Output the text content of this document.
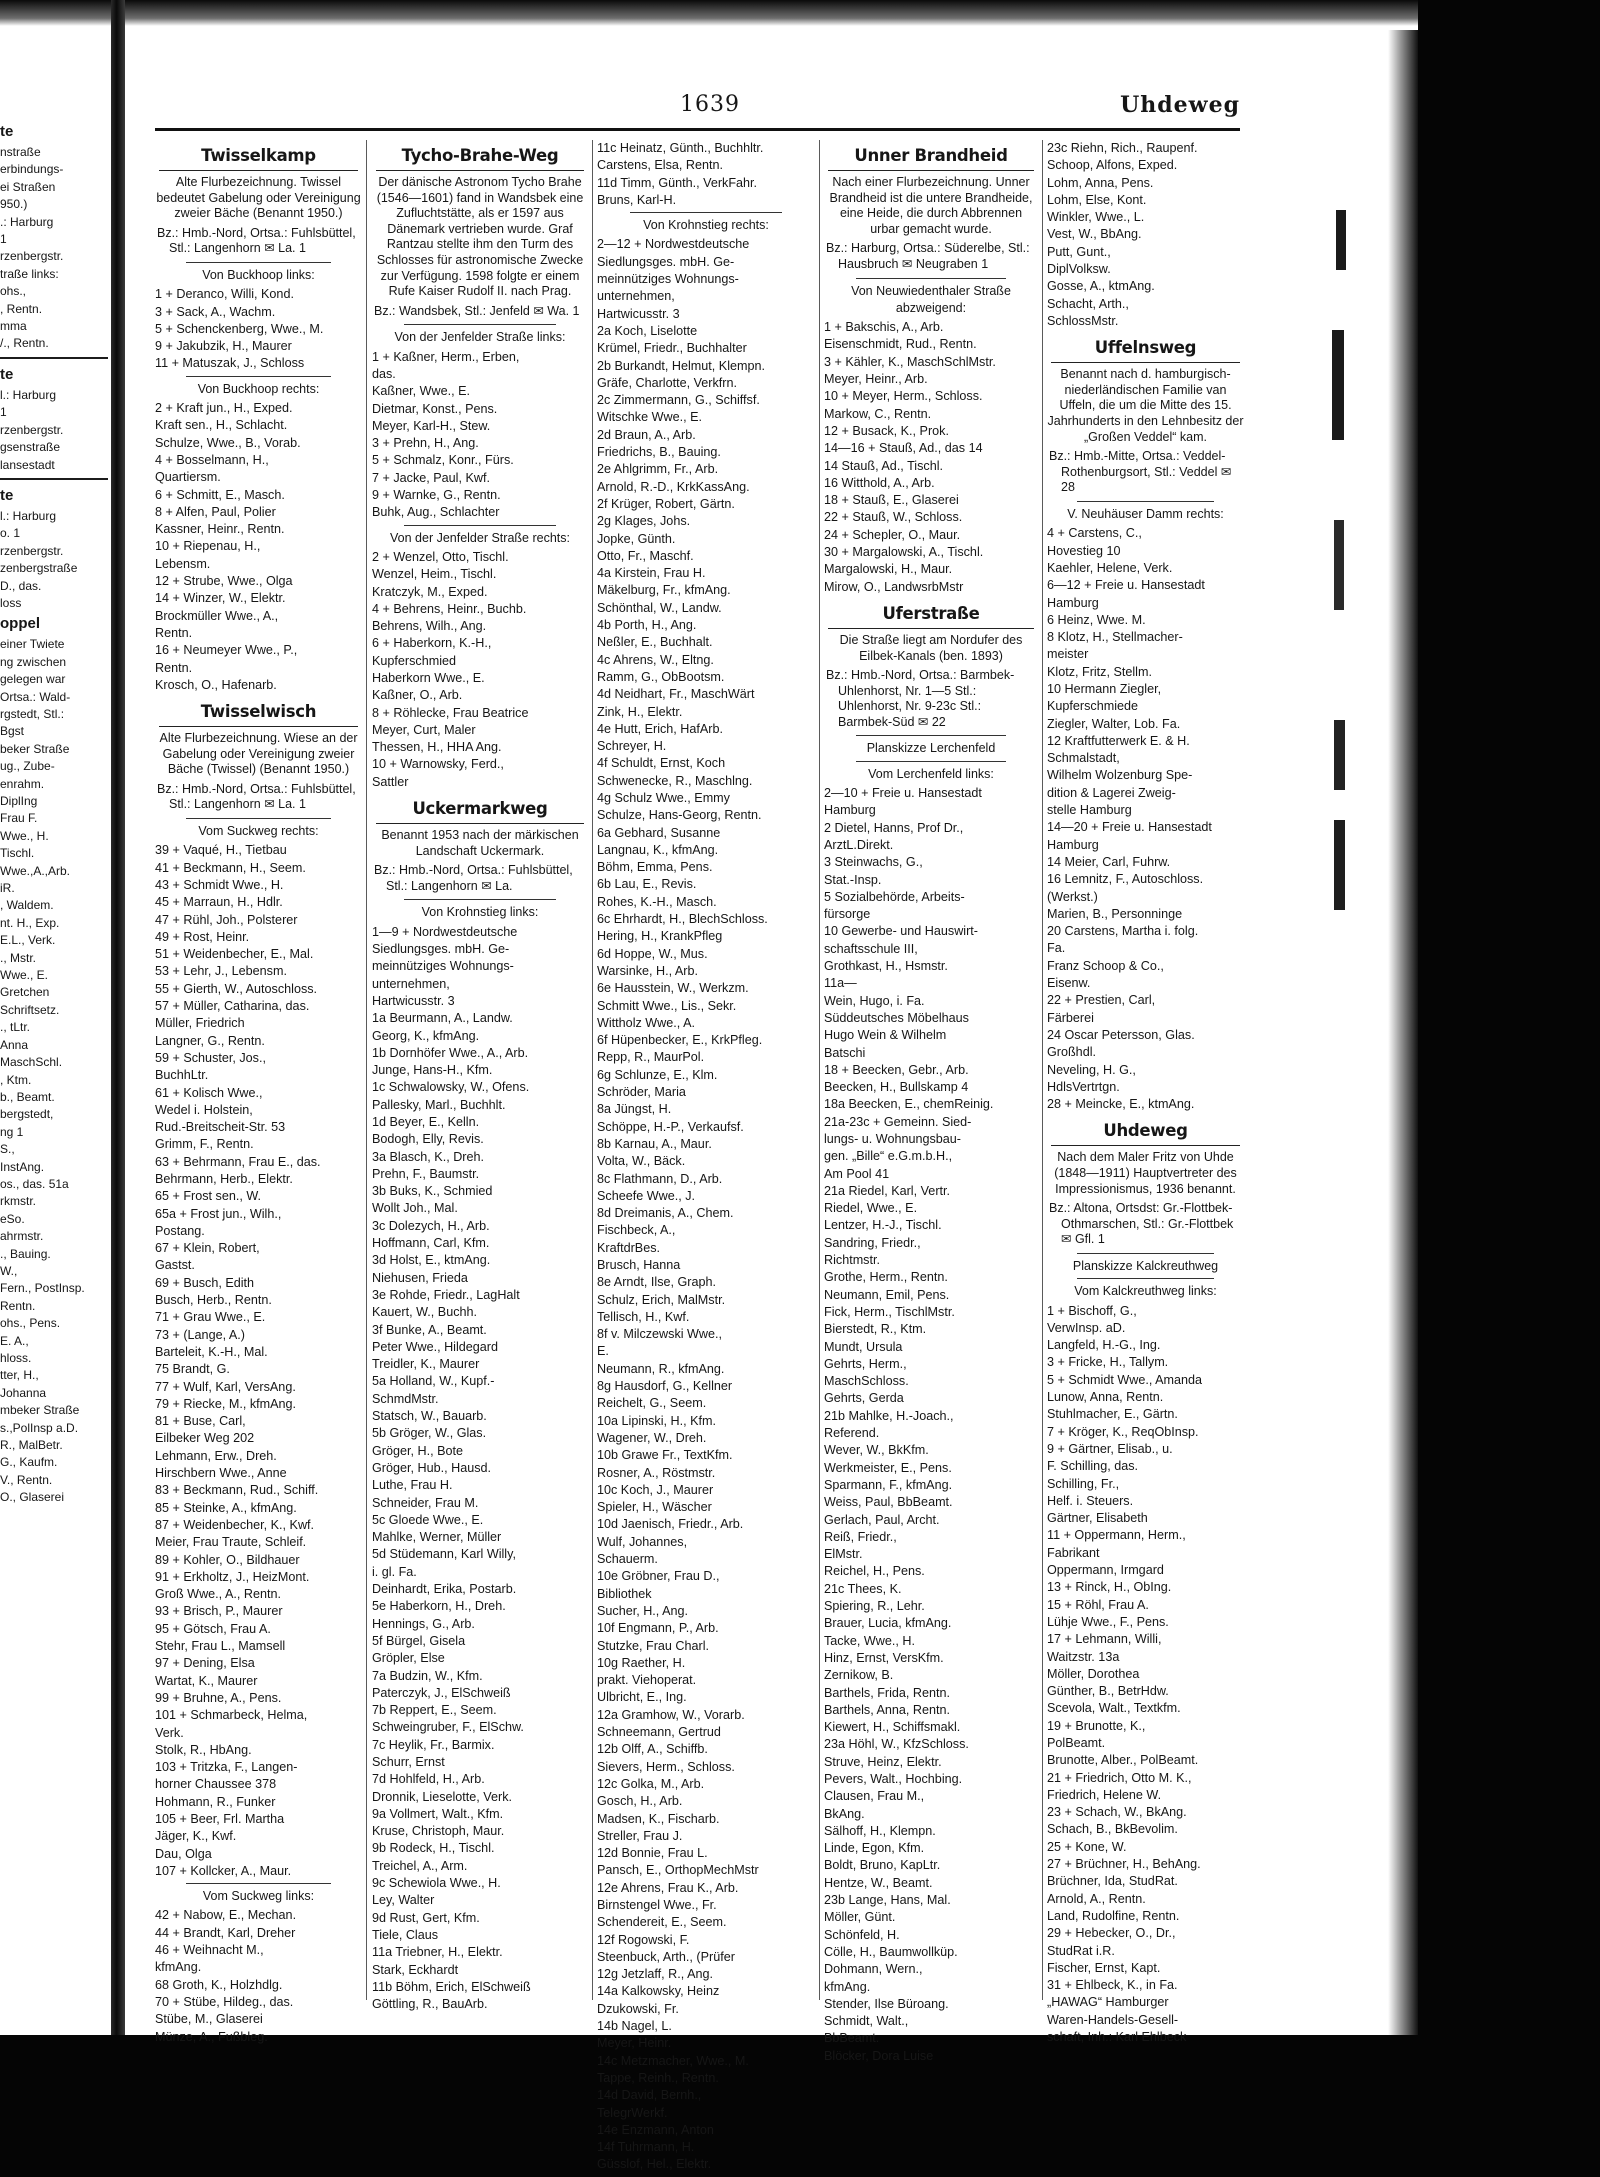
te
nstraße
erbindungs-
ei Straßen
950.)
.: Harburg
1
rzenbergstr.
traße links:
ohs.,
, Rentn.
mma
/., Rentn.
te
l.: Harburg
1
rzenbergstr.
gsenstraße
lansestadt
te
l.: Harburg
o. 1
rzenbergstr.
zenbergstraße
D., das.
loss
oppel
einer Twiete
ng zwischen
gelegen war
Ortsa.: Wald-
rgstedt, Stl.:
Bgst
beker Straße
ug., Zube-
enrahm.
DiplIng
Frau F.
Wwe., H.
Tischl.
Wwe.,A.,Arb.
iR.
, Waldem.
nt. H., Exp.
E.L., Verk.
., Mstr.
Wwe., E.
Gretchen
Schriftsetz.
., tLtr.
Anna
MaschSchl.
, Ktm.
b., Beamt.
bergstedt,
ng 1
S.,
InstAng.
os., das. 51a
rkmstr.
eSo.
ahrmstr.
., Bauing.
W.,
Fern., PostInsp.
Rentn.
ohs., Pens.
E. A.,
hloss.
tter, H.,
Johanna
mbeker Straße
s.,PolInsp a.D.
R., MalBetr.
G., Kaufm.
V., Rentn.
O., Glaserei
1639	Uhdeweg
Twisselkamp
Alte Flurbezeichnung. Twissel bedeutet Gabelung oder Vereinigung zweier Bäche (Benannt 1950.)
Bz.: Hmb.-Nord, Ortsa.: Fuhlsbüttel, Stl.: Langenhorn ✉ La. 1
Von Buckhoop links:
1 + Deranco, Willi, Kond.
3 + Sack, A., Wachm.
5 + Schenckenberg, Wwe., M.
9 + Jakubzik, H., Maurer
11 + Matuszak, J., Schloss
Von Buckhoop rechts:
2 + Kraft jun., H., Exped.
Kraft sen., H., Schlacht.
Schulze, Wwe., B., Vorab.
4 + Bosselmann, H.,
Quartiersm.
6 + Schmitt, E., Masch.
8 + Alfen, Paul, Polier
Kassner, Heinr., Rentn.
10 + Riepenau, H.,
Lebensm.
12 + Strube, Wwe., Olga
14 + Winzer, W., Elektr.
Brockmüller Wwe., A.,
Rentn.
16 + Neumeyer Wwe., P.,
Rentn.
Krosch, O., Hafenarb.
Twisselwisch
Alte Flurbezeichnung. Wiese an der Gabelung oder Vereinigung zweier Bäche (Twissel) (Benannt 1950.)
Bz.: Hmb.-Nord, Ortsa.: Fuhlsbüttel, Stl.: Langenhorn ✉ La. 1
Vom Suckweg rechts:
39 + Vaqué, H., Tietbau
41 + Beckmann, H., Seem.
43 + Schmidt Wwe., H.
45 + Marraun, H., Hdlr.
47 + Rühl, Joh., Polsterer
49 + Rost, Heinr.
51 + Weidenbecher, E., Mal.
53 + Lehr, J., Lebensm.
55 + Gierth, W., Autoschloss.
57 + Müller, Catharina, das.
Müller, Friedrich
Langner, G., Rentn.
59 + Schuster, Jos.,
BuchhLtr.
61 + Kolisch Wwe.,
Wedel i. Holstein,
Rud.-Breitscheit-Str. 53
Grimm, F., Rentn.
63 + Behrmann, Frau E., das.
Behrmann, Herb., Elektr.
65 + Frost sen., W.
65a + Frost jun., Wilh.,
Postang.
67 + Klein, Robert,
Gastst.
69 + Busch, Edith
Busch, Herb., Rentn.
71 + Grau Wwe., E.
73 + (Lange, A.)
Barteleit, K.-H., Mal.
75 Brandt, G.
77 + Wulf, Karl, VersAng.
79 + Riecke, M., kfmAng.
81 + Buse, Carl,
Eilbeker Weg 202
Lehmann, Erw., Dreh.
Hirschbern Wwe., Anne
83 + Beckmann, Rud., Schiff.
85 + Steinke, A., kfmAng.
87 + Weidenbecher, K., Kwf.
Meier, Frau Traute, Schleif.
89 + Kohler, O., Bildhauer
91 + Erkholtz, J., HeizMont.
Groß Wwe., A., Rentn.
93 + Brisch, P., Maurer
95 + Götsch, Frau A.
Stehr, Frau L., Mamsell
97 + Dening, Elsa
Wartat, K., Maurer
99 + Bruhne, A., Pens.
101 + Schmarbeck, Helma,
Verk.
Stolk, R., HbAng.
103 + Tritzka, F., Langen-
horner Chaussee 378
Hohmann, R., Funker
105 + Beer, Frl. Martha
Jäger, K., Kwf.
Dau, Olga
107 + Kollcker, A., Maur.
Vom Suckweg links:
42 + Nabow, E., Mechan.
44 + Brandt, Karl, Dreher
46 + Weihnacht M.,
kfmAng.
68 Groth, K., Holzhdlg.
70 + Stübe, Hildeg., das.
Stübe, M., Glaserei
Münze, A., Fußbleg.
Tycho-Brahe-Weg
Der dänische Astronom Tycho Brahe (1546—1601) fand in Wandsbek eine Zufluchtstätte, als er 1597 aus Dänemark vertrieben wurde. Graf Rantzau stellte ihm den Turm des Schlosses für astronomische Zwecke zur Verfügung. 1598 folgte er einem Rufe Kaiser Rudolf II. nach Prag.
Bz.: Wandsbek, Stl.: Jenfeld ✉ Wa. 1
Von der Jenfelder Straße links:
1 + Kaßner, Herm., Erben,
das.
Kaßner, Wwe., E.
Dietmar, Konst., Pens.
Meyer, Karl-H., Stew.
3 + Prehn, H., Ang.
5 + Schmalz, Konr., Fürs.
7 + Jacke, Paul, Kwf.
9 + Warnke, G., Rentn.
Buhk, Aug., Schlachter
Von der Jenfelder Straße rechts:
2 + Wenzel, Otto, Tischl.
Wenzel, Heim., Tischl.
Kratczyk, M., Exped.
4 + Behrens, Heinr., Buchb.
Behrens, Wilh., Ang.
6 + Haberkorn, K.-H.,
Kupferschmied
Haberkorn Wwe., E.
Kaßner, O., Arb.
8 + Röhlecke, Frau Beatrice
Meyer, Curt, Maler
Thessen, H., HHA Ang.
10 + Warnowsky, Ferd.,
Sattler
Uckermarkweg
Benannt 1953 nach der märkischen Landschaft Uckermark.
Bz.: Hmb.-Nord, Ortsa.: Fuhlsbüttel, Stl.: Langenhorn ✉ La.
Von Krohnstieg links:
1—9 + Nordwestdeutsche
Siedlungsges. mbH. Ge-
meinnütziges Wohnungs-
unternehmen,
Hartwicusstr. 3
1a Beurmann, A., Landw.
Georg, K., kfmAng.
1b Dornhöfer Wwe., A., Arb.
Junge, Hans-H., Kfm.
1c Schwalowsky, W., Ofens.
Pallesky, Marl., Buchhlt.
1d Beyer, E., Kelln.
Bodogh, Elly, Revis.
3a Blasch, K., Dreh.
Prehn, F., Baumstr.
3b Buks, K., Schmied
Wollt Joh., Mal.
3c Dolezych, H., Arb.
Hoffmann, Carl, Kfm.
3d Holst, E., ktmAng.
Niehusen, Frieda
3e Rohde, Friedr., LagHalt
Kauert, W., Buchh.
3f Bunke, A., Beamt.
Peter Wwe., Hildegard
Treidler, K., Maurer
5a Holland, W., Kupf.-
SchmdMstr.
Statsch, W., Bauarb.
5b Gröger, W., Glas.
Gröger, H., Bote
Gröger, Hub., Hausd.
Luthe, Frau H.
Schneider, Frau M.
5c Gloede Wwe., E.
Mahlke, Werner, Müller
5d Stüdemann, Karl Willy,
i. gl. Fa.
Deinhardt, Erika, Postarb.
5e Haberkorn, H., Dreh.
Hennings, G., Arb.
5f Bürgel, Gisela
Gröpler, Else
7a Budzin, W., Kfm.
Paterczyk, J., ElSchweiß
7b Reppert, E., Seem.
Schweingruber, F., ElSchw.
7c Heylik, Fr., Barmix.
Schurr, Ernst
7d Hohlfeld, H., Arb.
Dronnik, Lieselotte, Verk.
9a Vollmert, Walt., Kfm.
Kruse, Christoph, Maur.
9b Rodeck, H., Tischl.
Treichel, A., Arm.
9c Schewiola Wwe., H.
Ley, Walter
9d Rust, Gert, Kfm.
Tiele, Claus
11a Triebner, H., Elektr.
Stark, Eckhardt
11b Böhm, Erich, ElSchweiß
Göttling, R., BauArb.
11c Heinatz, Günth., Buchhltr.
Carstens, Elsa, Rentn.
11d Timm, Günth., VerkFahr.
Bruns, Karl-H.
Von Krohnstieg rechts:
2—12 + Nordwestdeutsche
Siedlungsges. mbH. Ge-
meinnütziges Wohnungs-
unternehmen,
Hartwicusstr. 3
2a Koch, Liselotte
Krümel, Friedr., Buchhalter
2b Burkandt, Helmut, Klempn.
Gräfe, Charlotte, Verkfrn.
2c Zimmermann, G., Schiffsf.
Witschke Wwe., E.
2d Braun, A., Arb.
Friedrichs, B., Bauing.
2e Ahlgrimm, Fr., Arb.
Arnold, R.-D., KrkKassAng.
2f Krüger, Robert, Gärtn.
2g Klages, Johs.
Jopke, Günth.
Otto, Fr., Maschf.
4a Kirstein, Frau H.
Mäkelburg, Fr., kfmAng.
Schönthal, W., Landw.
4b Porth, H., Ang.
Neßler, E., Buchhalt.
4c Ahrens, W., Eltng.
Ramm, G., ObBootsm.
4d Neidhart, Fr., MaschWärt
Zink, H., Elektr.
4e Hutt, Erich, HafArb.
Schreyer, H.
4f Schuldt, Ernst, Koch
Schwenecke, R., Maschlng.
4g Schulz Wwe., Emmy
Schulze, Hans-Georg, Rentn.
6a Gebhard, Susanne
Langnau, K., kfmAng.
Böhm, Emma, Pens.
6b Lau, E., Revis.
Rohes, K.-H., Masch.
6c Ehrhardt, H., BlechSchloss.
Hering, H., KrankPfleg
6d Hoppe, W., Mus.
Warsinke, H., Arb.
6e Hausstein, W., Werkzm.
Schmitt Wwe., Lis., Sekr.
Wittholz Wwe., A.
6f Hüpenbecker, E., KrkPfleg.
Repp, R., MaurPol.
6g Schlunze, E., Klm.
Schröder, Maria
8a Jüngst, H.
Schöppe, H.-P., Verkaufsf.
8b Karnau, A., Maur.
Volta, W., Bäck.
8c Flathmann, D., Arb.
Scheefe Wwe., J.
8d Dreimanis, A., Chem.
Fischbeck, A.,
KraftdrBes.
Brusch, Hanna
8e Arndt, Ilse, Graph.
Schulz, Erich, MalMstr.
Tellisch, H., Kwf.
8f v. Milczewski Wwe.,
E.
Neumann, R., kfmAng.
8g Hausdorf, G., Kellner
Reichelt, G., Seem.
10a Lipinski, H., Kfm.
Wagener, W., Dreh.
10b Grawe Fr., TextKfm.
Rosner, A., Röstmstr.
10c Koch, J., Maurer
Spieler, H., Wäscher
10d Jaenisch, Friedr., Arb.
Wulf, Johannes,
Schauerm.
10e Gröbner, Frau D.,
Bibliothek
Sucher, H., Ang.
10f Engmann, P., Arb.
Stutzke, Frau Charl.
10g Raether, H.
prakt. Viehoperat.
Ulbricht, E., Ing.
12a Gramhow, W., Vorarb.
Schneemann, Gertrud
12b Olff, A., Schiffb.
Sievers, Herm., Schloss.
12c Golka, M., Arb.
Gosch, H., Arb.
Madsen, K., Fischarb.
Streller, Frau J.
12d Bonnie, Frau L.
Pansch, E., OrthopMechMstr
12e Ahrens, Frau K., Arb.
Birnstengel Wwe., Fr.
Schendereit, E., Seem.
12f Rogowski, F.
Steenbuck, Arth., (Prüfer
12g Jetzlaff, R., Ang.
14a Kalkowsky, Heinz
Dzukowski, Fr.
14b Nagel, L.
Meyer, Heinr.
14c Metzmacher, Wwe., M.
Tappe, Reinh., Rentn.
14d David, Bernh.,
TelegrWerkf.
14e Enzmann, Anton
14f Tuhrmann, H.
Güsslof, Hel., Elektr.
Unner Brandheid
Nach einer Flurbezeichnung. Unner Brandheid ist die untere Brandheide, eine Heide, die durch Abbrennen urbar gemacht wurde.
Bz.: Harburg, Ortsa.: Süderelbe, Stl.: Hausbruch ✉ Neugraben 1
Von Neuwiedenthaler Straße abzweigend:
1 + Bakschis, A., Arb.
Eisenschmidt, Rud., Rentn.
3 + Kähler, K., MaschSchlMstr.
Meyer, Heinr., Arb.
10 + Meyer, Herm., Schloss.
Markow, C., Rentn.
12 + Busack, K., Prok.
14—16 + Stauß, Ad., das 14
14 Stauß, Ad., Tischl.
16 Witthold, A., Arb.
18 + Stauß, E., Glaserei
22 + Stauß, W., Schloss.
24 + Schepler, O., Maur.
30 + Margalowski, A., Tischl.
Margalowski, H., Maur.
Mirow, O., LandwsrbMstr
Uferstraße
Die Straße liegt am Nordufer des Eilbek-Kanals (ben. 1893)
Bz.: Hmb.-Nord, Ortsa.: Barmbek-Uhlenhorst, Nr. 1—5 Stl.: Uhlenhorst, Nr. 9-23c Stl.: Barmbek-Süd ✉ 22
Planskizze Lerchenfeld
Vom Lerchenfeld links:
2—10 + Freie u. Hansestadt
Hamburg
2 Dietel, Hanns, Prof Dr.,
ArztL.Direkt.
3 Steinwachs, G.,
Stat.-Insp.
5 Sozialbehörde, Arbeits-
fürsorge
10 Gewerbe- und Hauswirt-
schaftsschule III,
Grothkast, H., Hsmstr.
11a—
Wein, Hugo, i. Fa.
Süddeutsches Möbelhaus
Hugo Wein & Wilhelm
Batschi
18 + Beecken, Gebr., Arb.
Beecken, H., Bullskamp 4
18a Beecken, E., chemReinig.
21a-23c + Gemeinn. Sied-
lungs- u. Wohnungsbau-
gen. „Bille“ e.G.m.b.H.,
Am Pool 41
21a Riedel, Karl, Vertr.
Riedel, Wwe., E.
Lentzer, H.-J., Tischl.
Sandring, Friedr.,
Richtmstr.
Grothe, Herm., Rentn.
Neumann, Emil, Pens.
Fick, Herm., TischlMstr.
Bierstedt, R., Ktm.
Mundt, Ursula
Gehrts, Herm.,
MaschSchloss.
Gehrts, Gerda
21b Mahlke, H.-Joach.,
Referend.
Wever, W., BkKfm.
Werkmeister, E., Pens.
Sparmann, F., kfmAng.
Weiss, Paul, BbBeamt.
Gerlach, Paul, Archt.
Reiß, Friedr.,
ElMstr.
Reichel, H., Pens.
21c Thees, K.
Spiering, R., Lehr.
Brauer, Lucia, kfmAng.
Tacke, Wwe., H.
Hinz, Ernst, VersKfm.
Zernikow, B.
Barthels, Frida, Rentn.
Barthels, Anna, Rentn.
Kiewert, H., Schiffsmakl.
23a Höhl, W., KfzSchloss.
Struve, Heinz, Elektr.
Pevers, Walt., Hochbing.
Clausen, Frau M.,
BkAng.
Sälhoff, H., Klempn.
Linde, Egon, Kfm.
Boldt, Bruno, KapLtr.
Hentze, W., Beamt.
23b Lange, Hans, Mal.
Möller, Günt.
Schönfeld, H.
Cölle, H., Baumwollküp.
Dohmann, Wern.,
kfmAng.
Stender, Ilse Büroang.
Schmidt, Walt.,
BbBeamt.
Blöcker, Dora Luise
23c Riehn, Rich., Raupenf.
Schoop, Alfons, Exped.
Lohm, Anna, Pens.
Lohm, Else, Kont.
Winkler, Wwe., L.
Vest, W., BbAng.
Putt, Gunt.,
DiplVolksw.
Gosse, A., ktmAng.
Schacht, Arth.,
SchlossMstr.
Uffelnsweg
Benannt nach d. hamburgisch-niederländischen Familie van Uffeln, die um die Mitte des 15. Jahrhunderts in den Lehnbesitz der „Großen Veddel“ kam.
Bz.: Hmb.-Mitte, Ortsa.: Veddel-Rothenburgsort, Stl.: Veddel ✉ 28
V. Neuhäuser Damm rechts:
4 + Carstens, C.,
Hovestieg 10
Kaehler, Helene, Verk.
6—12 + Freie u. Hansestadt
Hamburg
6 Heinz, Wwe. M.
8 Klotz, H., Stellmacher-
meister
Klotz, Fritz, Stellm.
10 Hermann Ziegler,
Kupferschmiede
Ziegler, Walter, Lob. Fa.
12 Kraftfutterwerk E. & H.
Schmalstadt,
Wilhelm Wolzenburg Spe-
dition & Lagerei Zweig-
stelle Hamburg
14—20 + Freie u. Hansestadt
Hamburg
14 Meier, Carl, Fuhrw.
16 Lemnitz, F., Autoschloss.
(Werkst.)
Marien, B., Personninge
20 Carstens, Martha i. folg.
Fa.
Franz Schoop & Co.,
Eisenw.
22 + Prestien, Carl,
Färberei
24 Oscar Petersson, Glas.
Großhdl.
Neveling, H. G.,
HdlsVertrtgn.
28 + Meincke, E., ktmAng.
Uhdeweg
Nach dem Maler Fritz von Uhde (1848—1911) Hauptvertreter des Impressionismus, 1936 benannt.
Bz.: Altona, Ortsdst: Gr.-Flottbek-Othmarschen, Stl.: Gr.-Flottbek ✉ Gfl. 1
Planskizze Kalckreuthweg
Vom Kalckreuthweg links:
1 + Bischoff, G.,
VerwInsp. aD.
Langfeld, H.-G., Ing.
3 + Fricke, H., Tallym.
5 + Schmidt Wwe., Amanda
Lunow, Anna, Rentn.
Stuhlmacher, E., Gärtn.
7 + Kröger, K., ReqObInsp.
9 + Gärtner, Elisab., u.
F. Schilling, das.
Schilling, Fr.,
Helf. i. Steuers.
Gärtner, Elisabeth
11 + Oppermann, Herm.,
Fabrikant
Oppermann, Irmgard
13 + Rinck, H., ObIng.
15 + Röhl, Frau A.
Lühje Wwe., F., Pens.
17 + Lehmann, Willi,
Waitzstr. 13a
Möller, Dorothea
Günther, B., BetrHdw.
Scevola, Walt., Textkfm.
19 + Brunotte, K.,
PolBeamt.
Brunotte, Alber., PolBeamt.
21 + Friedrich, Otto M. K.,
Friedrich, Helene W.
23 + Schach, W., BkAng.
Schach, B., BkBevolim.
25 + Kone, W.
27 + Brüchner, H., BehAng.
Brüchner, Ida, StudRat.
Arnold, A., Rentn.
Land, Rudolfine, Rentn.
29 + Hebecker, O., Dr.,
StudRat i.R.
Fischer, Ernst, Kapt.
31 + Ehlbeck, K., in Fa.
„HAWAG“ Hamburger
Waren-Handels-Gesell-
schaft, Inh.: Karl Ehlbeck
